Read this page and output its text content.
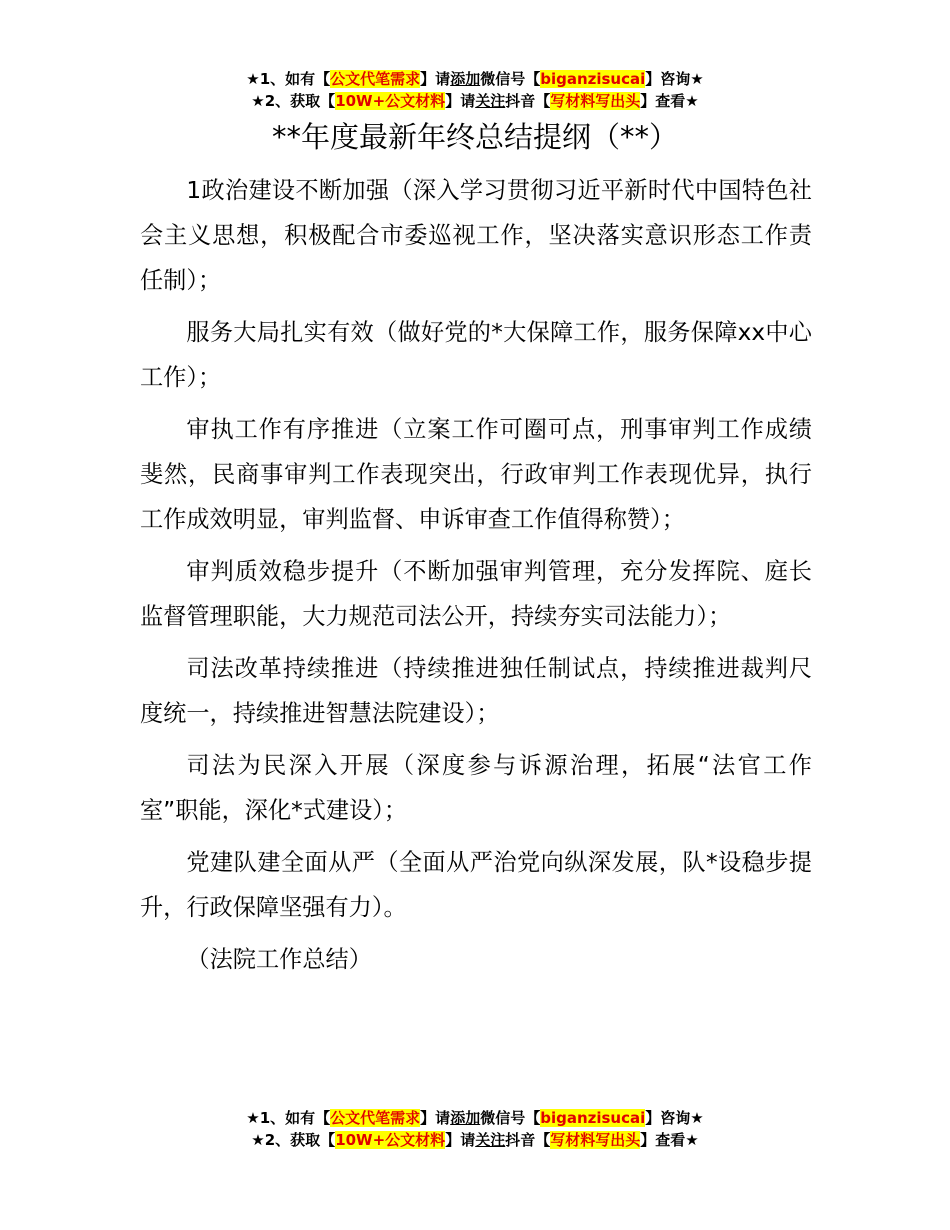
★1、如有【公文代笔需求】请添加微信号【biganzisucai】咨询★
★2、获取【10W+公文材料】请关注抖音【写材料写出头】查看★
**年度最新年终总结提纲（**）

1政治建设不断加强（深入学习贯彻习近平新时代中国特色社会主义思想，积极配合市委巡视工作，坚决落实意识形态工作责任制）；

服务大局扎实有效（做好党的*大保障工作，服务保障xx中心工作）；

审执工作有序推进（立案工作可圈可点，刑事审判工作成绩斐然，民商事审判工作表现突出，行政审判工作表现优异，执行工作成效明显，审判监督、申诉审查工作值得称赞）；

审判质效稳步提升（不断加强审判管理，充分发挥院、庭长监督管理职能，大力规范司法公开，持续夯实司法能力）；

司法改革持续推进（持续推进独任制试点，持续推进裁判尺度统一，持续推进智慧法院建设）；

司法为民深入开展（深度参与诉源治理，拓展“法官工作室”职能，深化*式建设）；

党建队建全面从严（全面从严治党向纵深发展，队*设稳步提升，行政保障坚强有力）。

（法院工作总结）

★1、如有【公文代笔需求】请添加微信号【biganzisucai】咨询★
★2、获取【10W+公文材料】请关注抖音【写材料写出头】查看★
